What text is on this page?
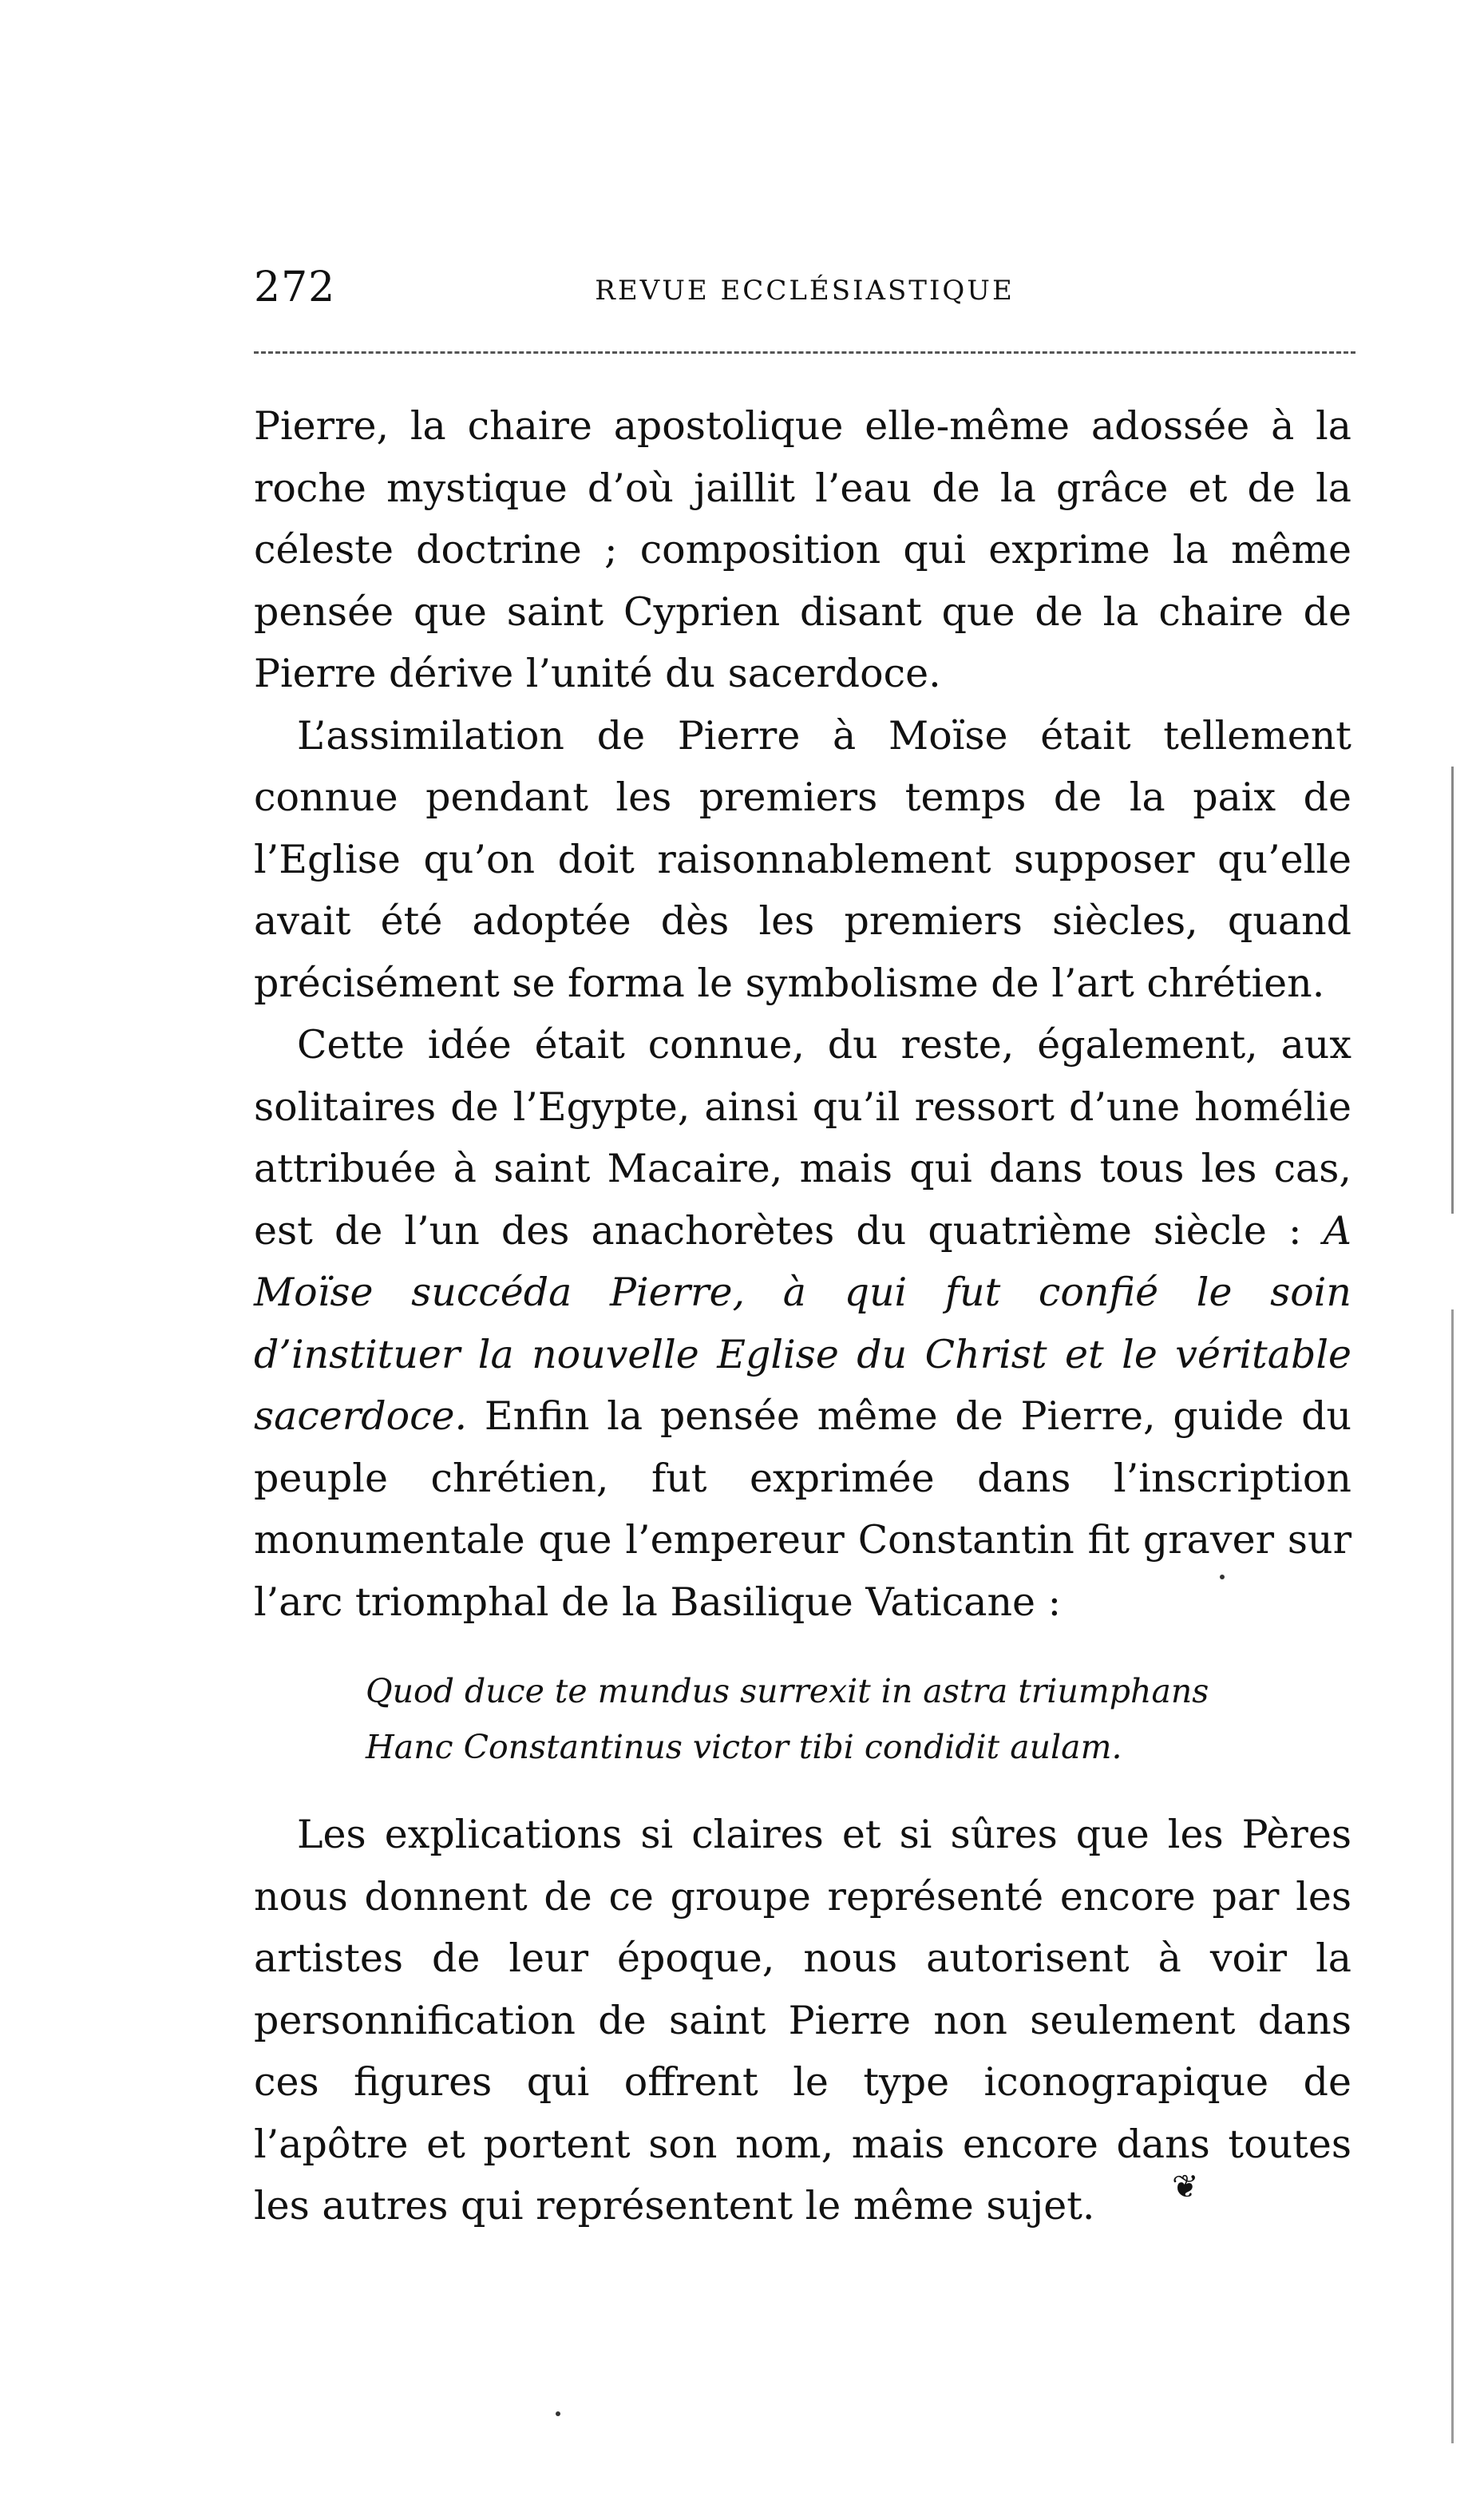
272	REVUE ECCLÉSIASTIQUE

Pierre, la chaire apostolique elle-même adossée à la roche mystique d’où jaillit l’eau de la grâce et de la céleste doctrine ; composition qui exprime la même pensée que saint Cyprien disant que de la chaire de Pierre dérive l’unité du sacerdoce.

L’assimilation de Pierre à Moïse était tellement connue pendant les premiers temps de la paix de l’Eglise qu’on doit raisonnablement supposer qu’elle avait été adoptée dès les premiers siècles, quand précisément se forma le symbolisme de l’art chrétien.

Cette idée était connue, du reste, également, aux solitaires de l’Egypte, ainsi qu’il ressort d’une homélie attribuée à saint Macaire, mais qui dans tous les cas, est de l’un des anachorètes du quatrième siècle : A Moïse succéda Pierre, à qui fut confié le soin d’instituer la nouvelle Eglise du Christ et le véritable sacerdoce. Enfin la pensée même de Pierre, guide du peuple chrétien, fut exprimée dans l’inscription monumentale que l’empereur Constantin fit graver sur l’arc triomphal de la Basilique Vaticane :

Quod duce te mundus surrexit in astra triumphans
Hanc Constantinus victor tibi condidit aulam.

Les explications si claires et si sûres que les Pères nous donnent de ce groupe représenté encore par les artistes de leur époque, nous autorisent à voir la personnification de saint Pierre non seulement dans ces figures qui offrent le type iconograpique de l’apôtre et portent son nom, mais encore dans toutes les autres qui représentent le même sujet.	❦
